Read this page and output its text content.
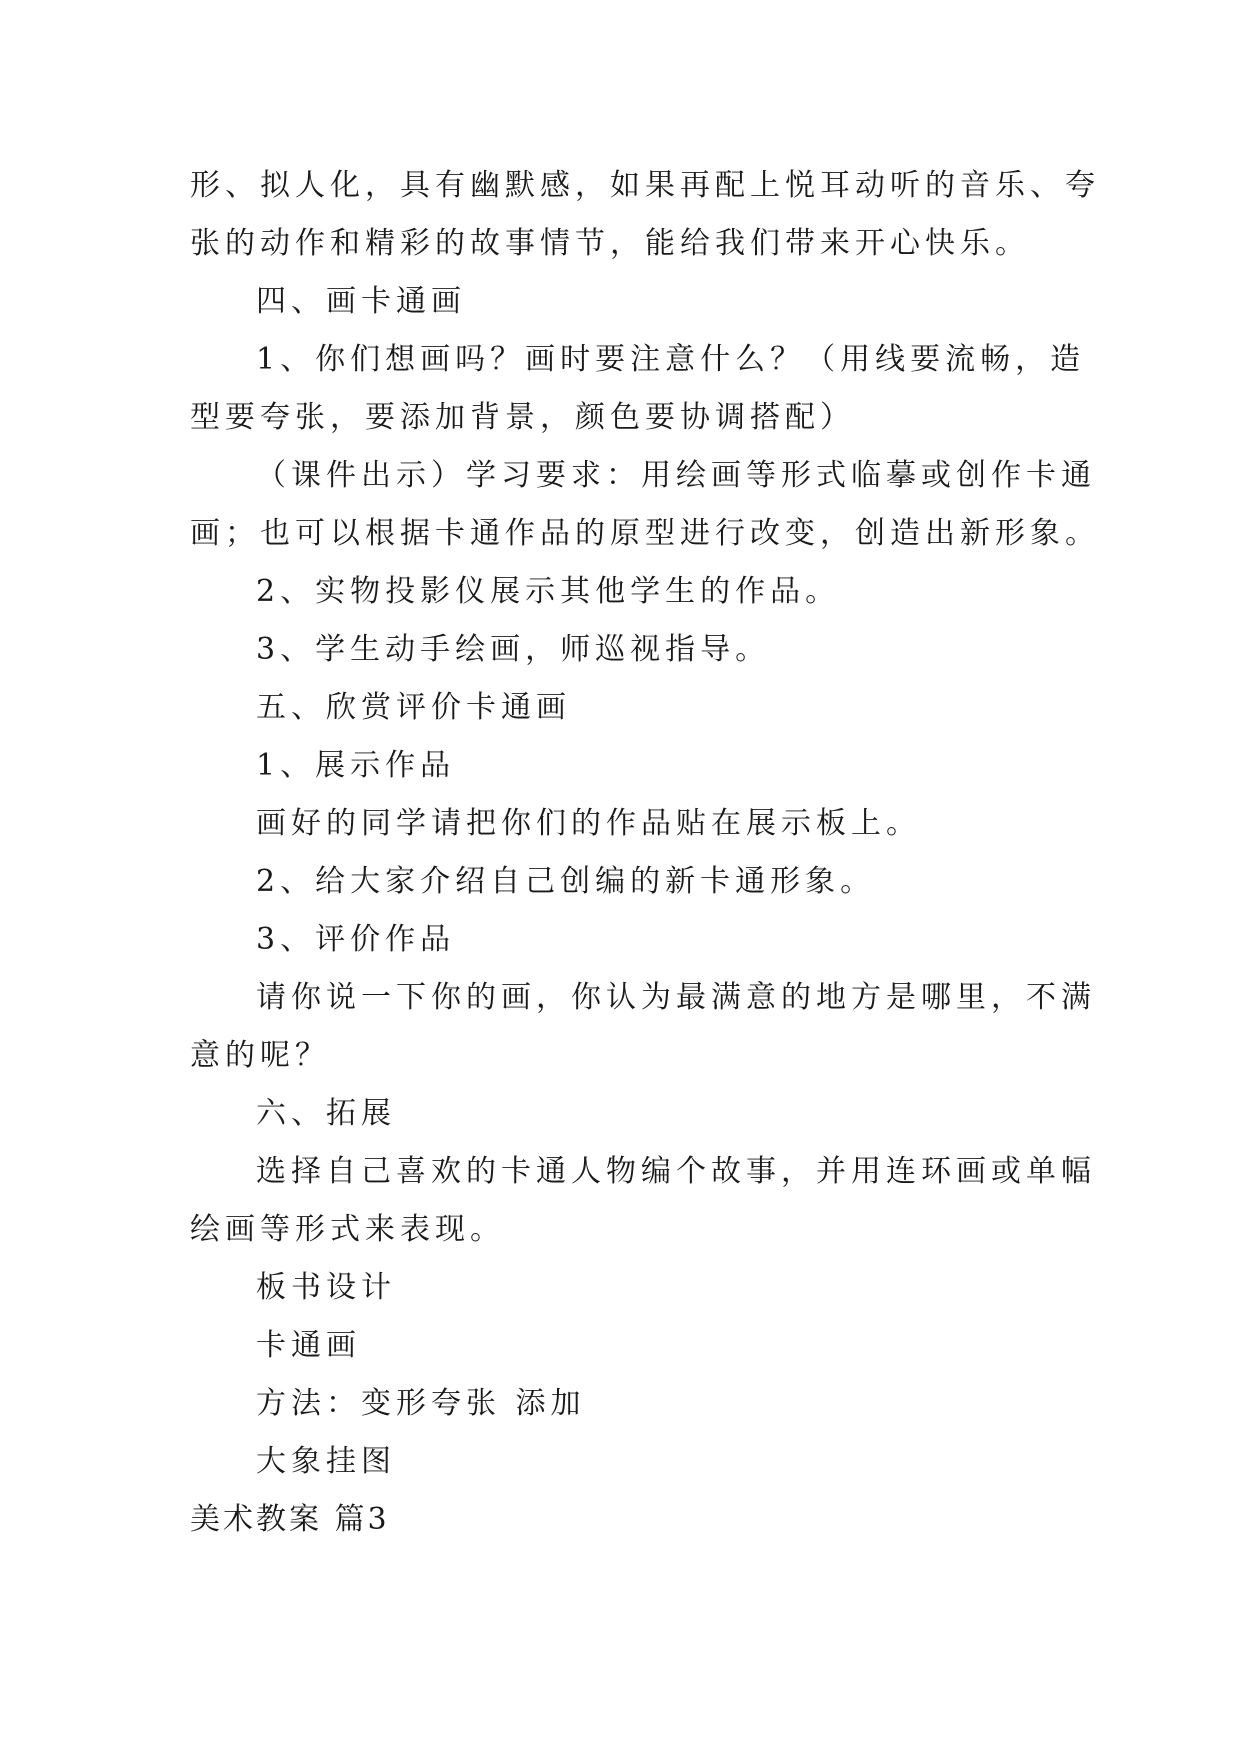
形、拟人化，具有幽默感，如果再配上悦耳动听的音乐、夸
张的动作和精彩的故事情节，能给我们带来开心快乐。
四、画卡通画
1、你们想画吗？画时要注意什么？（用线要流畅，造
型要夸张，要添加背景，颜色要协调搭配）
（课件出示）学习要求：用绘画等形式临摹或创作卡通
画；也可以根据卡通作品的原型进行改变，创造出新形象。
2、实物投影仪展示其他学生的作品。
3、学生动手绘画，师巡视指导。
五、欣赏评价卡通画
1、展示作品
画好的同学请把你们的作品贴在展示板上。
2、给大家介绍自己创编的新卡通形象。
3、评价作品
请你说一下你的画，你认为最满意的地方是哪里，不满
意的呢？
六、拓展
选择自己喜欢的卡通人物编个故事，并用连环画或单幅
绘画等形式来表现。
板书设计
卡通画
方法：变形夸张 添加
大象挂图
美术教案 篇3
